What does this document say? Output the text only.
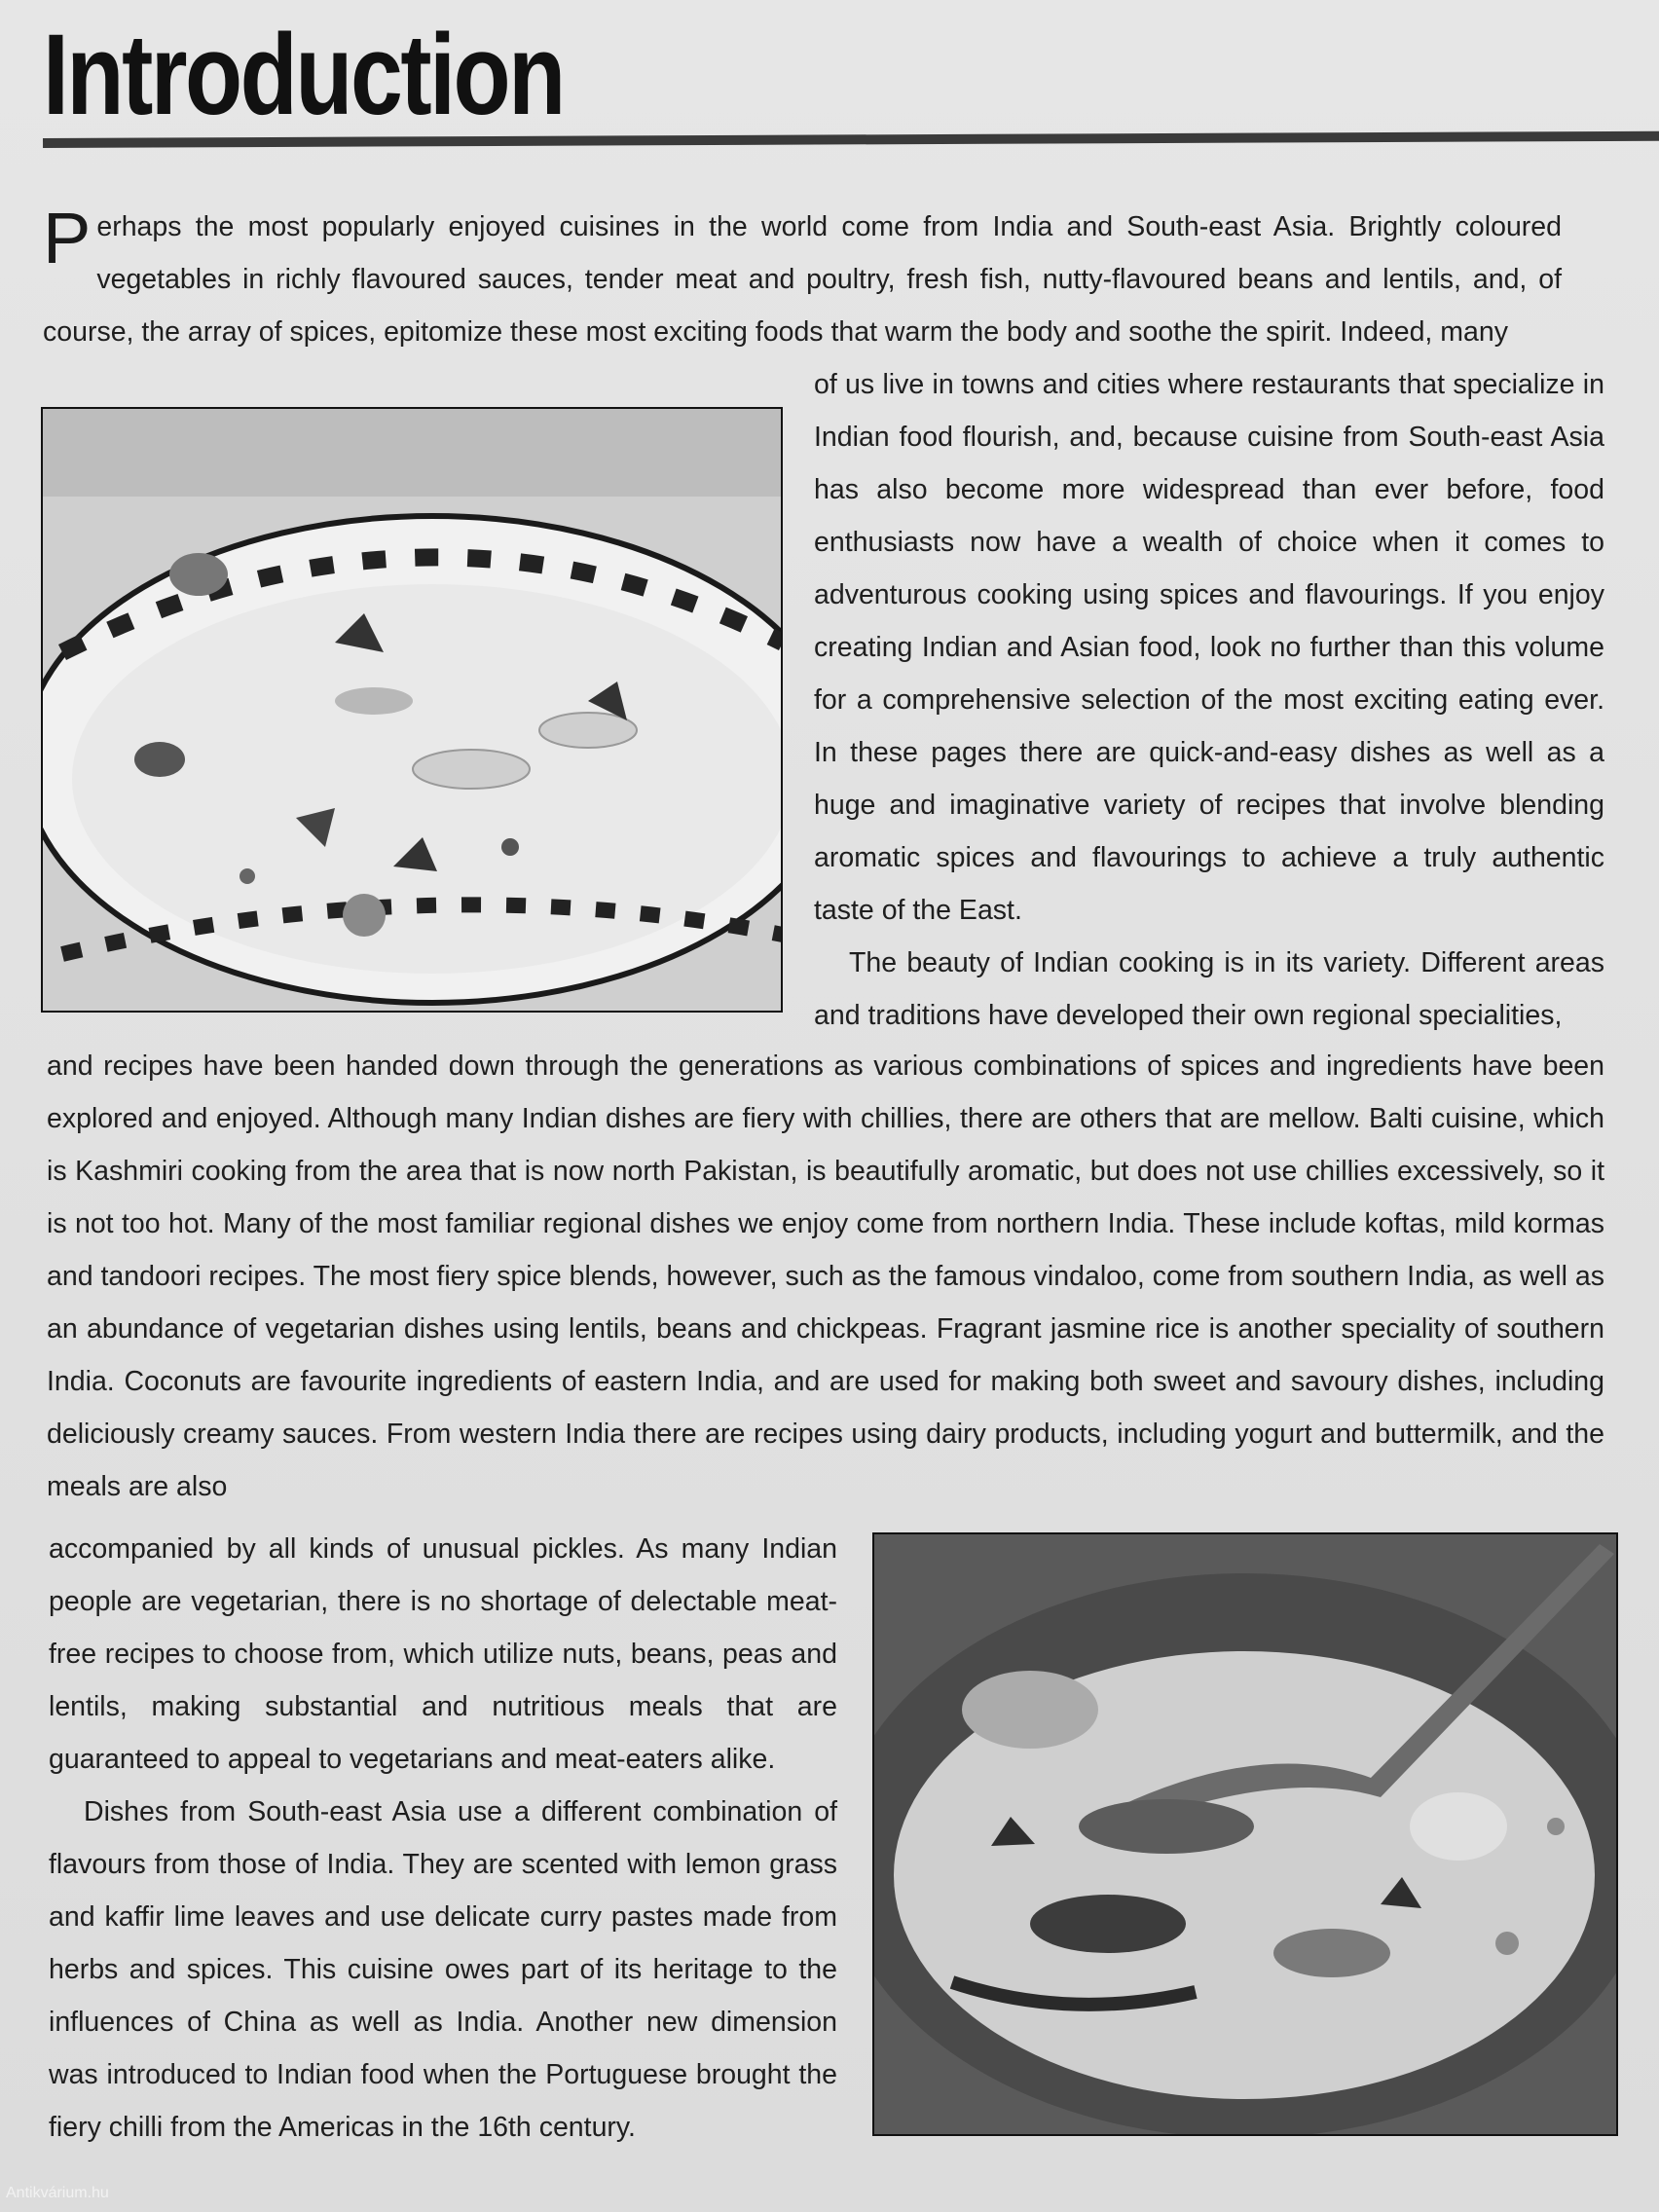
Introduction
Perhaps the most popularly enjoyed cuisines in the world come from India and South-east Asia. Brightly coloured vegetables in richly flavoured sauces, tender meat and poultry, fresh fish, nutty-flavoured beans and lentils, and, of course, the array of spices, epitomize these most exciting foods that warm the body and soothe the spirit. Indeed, many

of us live in towns and cities where restaurants that specialize in Indian food flourish, and, because cuisine from South-east Asia has also become more widespread than ever before, food enthusiasts now have a wealth of choice when it comes to adventurous cooking using spices and flavourings. If you enjoy creating Indian and Asian food, look no further than this volume for a comprehensive selection of the most exciting eating ever. In these pages there are quick-and-easy dishes as well as a huge and imaginative variety of recipes that involve blending aromatic spices and flavourings to achieve a truly authentic taste of the East.

The beauty of Indian cooking is in its variety. Different areas and traditions have developed their own regional specialities,

and recipes have been handed down through the generations as various combinations of spices and ingredients have been explored and enjoyed. Although many Indian dishes are fiery with chillies, there are others that are mellow. Balti cuisine, which is Kashmiri cooking from the area that is now north Pakistan, is beautifully aromatic, but does not use chillies excessively, so it is not too hot. Many of the most familiar regional dishes we enjoy come from northern India. These include koftas, mild kormas and tandoori recipes. The most fiery spice blends, however, such as the famous vindaloo, come from southern India, as well as an abundance of vegetarian dishes using lentils, beans and chickpeas. Fragrant jasmine rice is another speciality of southern India. Coconuts are favourite ingredients of eastern India, and are used for making both sweet and savoury dishes, including deliciously creamy sauces. From western India there are recipes using dairy products, including yogurt and buttermilk, and the meals are also

accompanied by all kinds of unusual pickles. As many Indian people are vegetarian, there is no shortage of delectable meat-free recipes to choose from, which utilize nuts, beans, peas and lentils, making substantial and nutritious meals that are guaranteed to appeal to vegetarians and meat-eaters alike.

Dishes from South-east Asia use a different combination of flavours from those of India. They are scented with lemon grass and kaffir lime leaves and use delicate curry pastes made from herbs and spices. This cuisine owes part of its heritage to the influences of China as well as India. Another new dimension was introduced to Indian food when the Portuguese brought the fiery chilli from the Americas in the 16th century.

Antikvárium.hu
